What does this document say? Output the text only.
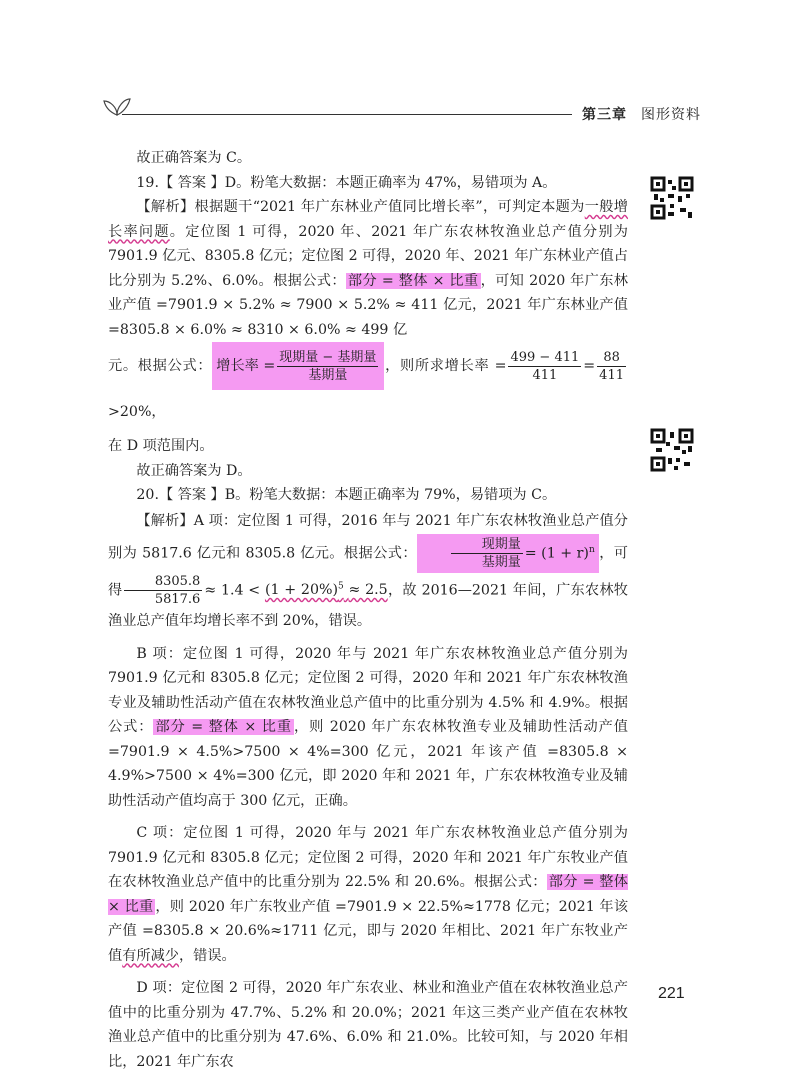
第三章 图形资料

故正确答案为 C。

19.【 答案 】D。粉笔大数据：本题正确率为 47%，易错项为 A。

【解析】根据题干“2021 年广东林业产值同比增长率”，可判定本题为一般增长率问题。定位图 1 可得，2020 年、2021 年广东农林牧渔业总产值分别为 7901.9 亿元、8305.8 亿元；定位图 2 可得，2020 年、2021 年广东林业产值占比分别为 5.2%、6.0%。根据公式： 部分 = 整体 × 比重 ，可知 2020 年广东林业产值 =7901.9 × 5.2% ≈ 7900 × 5.2% ≈ 411 亿元，2021 年广东林业产值 =8305.8 × 6.0% ≈ 8310 × 6.0% ≈ 499 亿

元。根据公式： 增长率 = $\frac{\text{现期量 − 基期量}}{\text{基期量}}$ ，则所求增长率 = $\frac{499 - 411}{411} = \frac{88}{411}$
>20%，

在 D 项范围内。

故正确答案为 D。

20.【 答案 】B。粉笔大数据：本题正确率为 79%，易错项为 C。

【解析】A 项：定位图 1 可得，2016 年与 2021 年广东农林牧渔业总产值分别为 5817.6 亿元和 8305.8 亿元。根据公式：	$\frac{\text{现期量}}{\text{基期量}} = (1 + r)^n$ ，可得 $\frac{8305.8}{5817.6} \approx 1.4 < (1 + 20\%)^5 \approx 2.5$，故 2016—2021 年间，广东农林牧渔业总产值年均增长率不到 20%，错误。

B 项：定位图 1 可得，2020 年与 2021 年广东农林牧渔业总产值分别为 7901.9 亿元和 8305.8 亿元；定位图 2 可得，2020 年和 2021 年广东农林牧渔专业及辅助性活动产值在农林牧渔业总产值中的比重分别为 4.5% 和 4.9%。根据公式： 部分 = 整体 × 比重 ，则 2020 年广东农林牧渔专业及辅助性活动产值 =7901.9 × 4.5%>7500 × 4%=300 亿元，2021 年该产值 =8305.8 × 4.9%>7500 × 4%=300 亿元，即 2020 年和 2021 年，广东农林牧渔专业及辅助性活动产值均高于 300 亿元，正确。

C 项：定位图 1 可得，2020 年与 2021 年广东农林牧渔业总产值分别为 7901.9 亿元和 8305.8 亿元；定位图 2 可得，2020 年和 2021 年广东牧业产值在农林牧渔业总产值中的比重分别为 22.5% 和 20.6%。根据公式： 部分 = 整体 × 比重 ，则 2020 年广东牧业产值 =7901.9 × 22.5%≈1778 亿元；2021 年该产值 =8305.8 × 20.6%≈1711 亿元，即与 2020 年相比、2021 年广东牧业产值有所减少，错误。

D 项：定位图 2 可得，2020 年广东农业、林业和渔业产值在农林牧渔业总产值中的比重分别为 47.7%、5.2% 和 20.0%；2021 年这三类产业产值在农林牧渔业总产值中的比重分别为 47.6%、6.0% 和 21.0%。比较可知，与 2020 年相比，2021 年广东农

221
